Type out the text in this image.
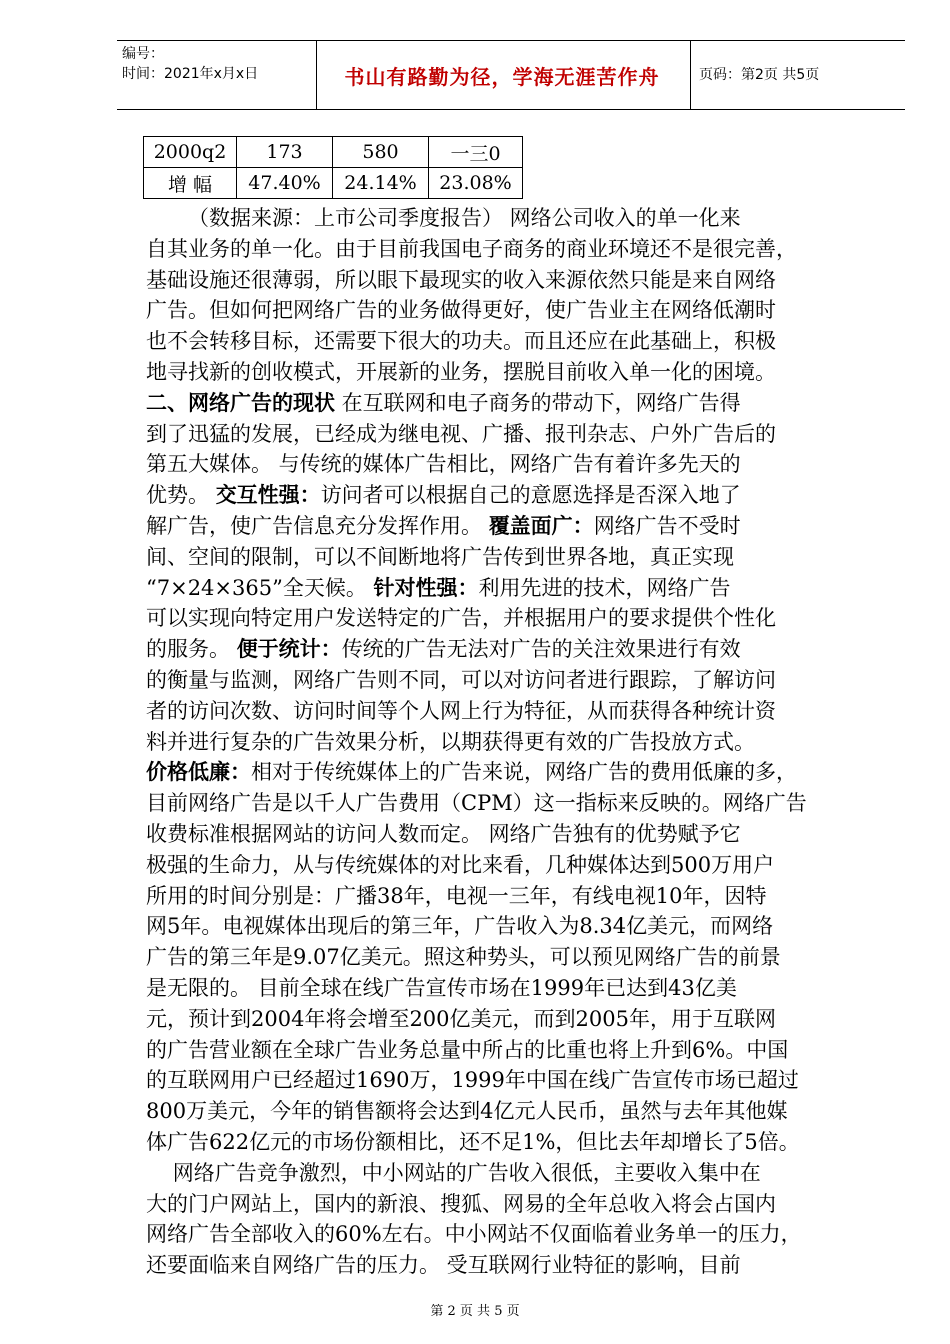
编号：
时间：2021年x月x日	书山有路勤为径，学海无涯苦作舟	页码：第2页 共5页
2000q2	173	580	一三0
增 幅	47.40%	24.14%	23.08%
（数据来源：上市公司季度报告） 网络公司收入的单一化来
自其业务的单一化。由于目前我国电子商务的商业环境还不是很完善，
基础设施还很薄弱，所以眼下最现实的收入来源依然只能是来自网络
广告。但如何把网络广告的业务做得更好，使广告业主在网络低潮时
也不会转移目标，还需要下很大的功夫。而且还应在此基础上，积极
地寻找新的创收模式，开展新的业务，摆脱目前收入单一化的困境。
二、网络广告的现状 在互联网和电子商务的带动下，网络广告得
到了迅猛的发展，已经成为继电视、广播、报刊杂志、户外广告后的
第五大媒体。 与传统的媒体广告相比，网络广告有着许多先天的
优势。 交互性强：访问者可以根据自己的意愿选择是否深入地了
解广告，使广告信息充分发挥作用。 覆盖面广：网络广告不受时
间、空间的限制，可以不间断地将广告传到世界各地，真正实现
“7×24×365”全天候。 针对性强：利用先进的技术，网络广告
可以实现向特定用户发送特定的广告，并根据用户的要求提供个性化
的服务。 便于统计：传统的广告无法对广告的关注效果进行有效
的衡量与监测，网络广告则不同，可以对访问者进行跟踪，了解访问
者的访问次数、访问时间等个人网上行为特征，从而获得各种统计资
料并进行复杂的广告效果分析，以期获得更有效的广告投放方式。
价格低廉：相对于传统媒体上的广告来说，网络广告的费用低廉的多，
目前网络广告是以千人广告费用（CPM）这一指标来反映的。网络广告
收费标准根据网站的访问人数而定。 网络广告独有的优势赋予它
极强的生命力，从与传统媒体的对比来看，几种媒体达到500万用户
所用的时间分别是：广播38年，电视一三年，有线电视10年，因特
网5年。电视媒体出现后的第三年，广告收入为8.34亿美元，而网络
广告的第三年是9.07亿美元。照这种势头，可以预见网络广告的前景
是无限的。 目前全球在线广告宣传市场在1999年已达到43亿美
元，预计到2004年将会增至200亿美元，而到2005年，用于互联网
的广告营业额在全球广告业务总量中所占的比重也将上升到6%。中国
的互联网用户已经超过1690万，1999年中国在线广告宣传市场已超过
800万美元，今年的销售额将会达到4亿元人民币，虽然与去年其他媒
体广告622亿元的市场份额相比，还不足1%，但比去年却增长了5倍。
网络广告竞争激烈，中小网站的广告收入很低，主要收入集中在
大的门户网站上，国内的新浪、搜狐、网易的全年总收入将会占国内
网络广告全部收入的60%左右。中小网站不仅面临着业务单一的压力，
还要面临来自网络广告的压力。 受互联网行业特征的影响，目前
第 2 页 共 5 页
